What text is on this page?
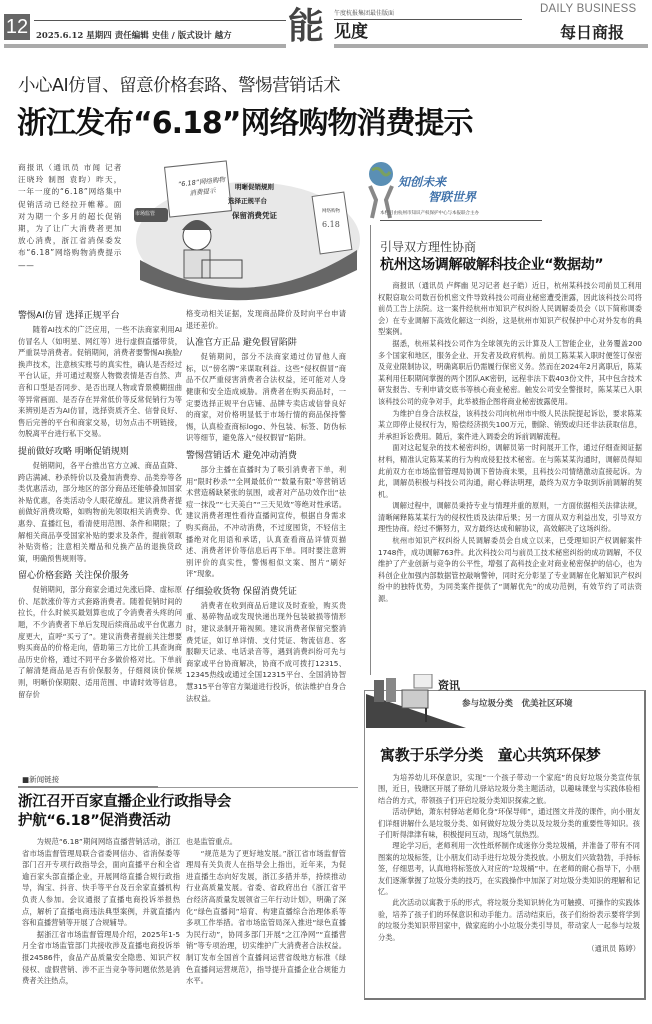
12 2025.6.12 星期四 责任编辑 史佳 / 版式设计 越方 能 午度杭报集团最佳版面
见度
DAILY BUSINESS
每日商报
小心AI仿冒、留意价格套路、警惕营销话术
浙江发布“6.18”网络购物消费提示
商报讯（通讯员 市闻 记者 汪晓玲 制图 袁昀）昨天，一年一度的“6.18”网络集中促销活动已经拉开帷幕。面对为期一个多月的超长促销期，为了让广大消费者更加放心消费，浙江省消保委发布“6.18”网络购物消费提示——
“6.18”网络购物消费提示
市场监管
明晰促销规则
选择正规平台
保留消费凭证	网络购物
6.18
警惕AI仿冒 选择正规平台

随着AI技术的广泛应用，一些不法商家利用AI仿冒名人（如明星、网红等）进行虚假直播带货，严重误导消费者。促销期间，消费者要警惕AI换脸/换声技术，注意核实账号的真实性，确认是否经过平台认证，并可通过观察人物微表情是否自然、声音和口型是否同步、是否出现人物或背景模糊扭曲等异常画面、是否存在异常低价等反常促销行为等来辨别是否为AI仿冒，选择资质齐全、信誉良好、售后完善的平台和商家交易，切勿点击不明链接，勿脱离平台进行私下交易。

提前做好攻略 明晰促销规则

促销期间，各平台推出官方立减、商品直降、跨店满减、秒杀特价以及叠加消费券、品类券等各类优惠活动，部分地区的部分商品还能够叠加国家补贴优惠，各类活动令人眼花缭乱。建议消费者提前做好消费攻略，如购物前先领取相关消费券、优惠券、直播红包，看清使用范围、条件和期限；了解相关商品享受国家补贴的要求及条件，提前领取补贴资格；注意相关赠品和兑换产品的退换货政策，明确预售规则等。

留心价格套路 关注保价服务

促销期间，部分商家会通过先涨后降、虚标原价、尾款涨价等方式套路消费者。随着促销时间的拉长，什么时候买最划算也成了令消费者头疼的问题，不少消费者下单后发现后续商品或平台优惠力度更大，直呼“买亏了”。建议消费者提前关注想要购买商品的价格走向，借助第三方比价工具查询商品历史价格，通过不同平台多做价格对比。下单前了解清楚商品是否有价保服务，仔细阅读价保规则，明晰价保期限、适用范围、申请时效等信息，留存价

格变动相关证据，发现商品降价及时向平台申请退还差价。
认准官方正品 避免假冒陷阱

促销期间，部分不法商家通过仿冒他人商标，以“傍名牌”来谋取利益。这些“侵权假冒”商品不仅严重侵害消费者合法权益，还可能对人身健康和安全造成威胁。消费者在购买商品时，一定要选择正规平台店铺、品牌专卖店或信誉良好的商家，对价格明显低于市场行情的商品保持警惕，认真检查商标logo、外包装、标签、防伪标识等细节，避免落入“侵权假冒”陷阱。

警惕营销话术 避免冲动消费

部分主播在直播时为了吸引消费者下单，利用“限时秒杀”“全网最低价”“数量有限”等营销话术营造稀缺紧张的氛围，或者对产品功效作出“祛痘一抹没”“七天美白”“三天见效”等绝对性承诺。建议消费者理性看待直播间宣传，根据自身需求购买商品，不冲动消费，不过度囤货，不轻信主播绝对化用语和承诺，认真查看商品详情页描述、消费者评价等信息后再下单。同时要注意辨别评价的真实性，警惕相似文案、图片“刷好评”现象。

仔细验收货物 保留消费凭证

消费者在收到商品后建议及时查验，购买贵重、易碎物品或发现快递出现外包装破损等情形时，建议录制开箱视频。建议消费者保留完整消费凭证，如订单详情、支付凭证、物流信息、客服聊天记录、电话录音等，遇到消费纠纷可先与商家或平台协商解决，协商不成可拨打12315、12345热线或通过全国12315平台、全国消协智慧315平台等官方渠道进行投诉，依法维护自身合法权益。

■新闻链接
浙江召开百家直播企业行政指导会
护航“6.18”促消费活动

为规范“6.18”期间网络直播营销活动，浙江省市场监督管理局联合省委网信办、省消保委等部门召开专项行政指导会，面向直播平台和全省逾百家头部直播企业，开展网络直播合规行政指导，淘宝、抖音、快手等平台及百余家直播机构负责人参加。会议通报了直播电商投诉举报热点，解析了直播电商违法典型案例，并就直播内容和直播营销等开展了合规辅导。

据浙江省市场监督管理局介绍，2025年1-5月全省市场监管部门共接收涉及直播电商投诉举报24586件，食品产品质量安全隐患、知识产权侵权、虚假营销、涉不正当竞争等问题依然是消费者关注热点，

也是监管重点。

“规范是为了更好地发展。”浙江省市场监督管理局有关负责人在指导会上指出，近年来，为促进直播生态向好发展，浙江多措并举，持续推动行业高质量发展。省委、省政府出台《浙江省平台经济高质量发展领省三年行动计划》，明确了深化“绿色直播间”培育、构建直播综合治理体系等多项工作举措。省市场监管局深入推进“绿色直播为民行动”，协同多部门开展“之江净网”“直播营销”等专项治理，切实维护广大消费者合法权益。制订发布全国首个直播间运营省级地方标准《绿色直播间运营规范》，指导提升直播企业合规能力水平。

知创未来
智联世界
本栏目由杭州市知识产权保护中心与本报联合主办
引导双方理性协商
杭州这场调解破解科技企业“数据劫”

商报讯（通讯员 卢辉幽 见习记者 赵子皓）近日，杭州某科技公司前员工利用权限窃取公司数百份机密文件导致科技公司商业秘密遭受泄露，因此该科技公司将前员工告上法院。这一案件经杭州市知识产权纠纷人民调解委员会（以下简称调委会）在专业调解下高效化解这一纠纷，这是杭州市知识产权保护中心对外发布的典型案例。

据悉，杭州某科技公司作为全球领先的云计算及人工智能企业，业务覆盖200多个国家和地区，服务企业、开发者及政府机构。前员工陈某某入职时便签订保密及竞业限制协议，明确离职后仍需履行保密义务。然而在2024年2月离职后，陈某某利用任职期间掌握的两个团队AK密钥，远程非法下载403份文件，其中包含技术研发报告、专利申请交底书等核心商业秘密。触发公司安全警报时，陈某某已入职该科技公司的竞争对手，此举被指企图将商业秘密披露使用。

为维护自身合法权益，该科技公司向杭州市中级人民法院提起诉讼，要求陈某某立即停止侵权行为，赔偿经济损失100万元，删除、销毁或归还非法获取信息，并承担诉讼费用。随后，案件进入调委会的诉前调解流程。

面对这起复杂的技术秘密纠纷，调解员第一时间展开工作，通过仔细查阅证据材料，精准认定陈某某的行为构成侵犯技术秘密。在与陈某某沟通时，调解员得知此前双方在市场监督管理局协调下曾协商未果，且科技公司情绪激动直接起诉。为此，调解员积极与科技公司沟通，耐心释法明理，最终为双方争取到诉前调解的契机。

调解过程中，调解员秉持专业与情理并重的原则，一方面依据相关法律法规，清晰阐释陈某某行为的侵权性质及法律后果；另一方面从双方利益出发，引导双方理性协商。经过不懈努力，双方最终达成和解协议，高效解决了这场纠纷。

杭州市知识产权纠纷人民调解委员会自成立以来，已受理知识产权调解案件1748件，成功调解763件。此次科技公司与前员工技术秘密纠纷的成功调解，不仅维护了产业创新与竞争的公平性，增强了高科技企业对商业秘密保护的信心，也为科创企业加强内部数据管控敲响警钟，同时充分彰显了专业调解在化解知识产权纠纷中的独特优势，为同类案件提供了“调解优先”的成功范例，有效节约了司法资源。

资讯
参与垃圾分类　优美社区环境
寓教于乐学分类　童心共筑环保梦

为培养幼儿环保意识，实现“一个孩子带动一个家庭”的良好垃圾分类宣传氛围，近日，钱塘区开展了驿幼儿驿站垃圾分类主题活动，以趣味课堂与实践体验相结合的方式，带领孩子们开启垃圾分类知识探索之旅。

活动伊始，萧东村驿站老师化身“环保导师”，通过图文并茂的课件，向小朋友们详细讲解什么是垃圾分类、如何做好垃圾分类以及垃圾分类的重要性等知识。孩子们听得津津有味，积极提问互动，现场气氛热烈。

理论学习后，老师利用一次性纸杯制作成迷你分类垃圾桶，并准备了带有不同图案的垃圾标签，让小朋友们动手进行垃圾分类投放。小朋友们兴致勃勃，手持标签，仔细思考，认真地将标签放入对应的“垃圾桶”中。在老师的耐心指导下，小朋友们逐渐掌握了垃圾分类的技巧，在实践操作中加深了对垃圾分类知识的理解和记忆。

此次活动以寓教于乐的形式，将垃圾分类知识转化为可触摸、可操作的实践体验，培养了孩子们的环保意识和动手能力。活动结束后，孩子们纷纷表示要将学到的垃圾分类知识带回家中，做家庭的小小垃圾分类引导员，带动家人一起参与垃圾分类。

（通讯员 陈婷）
